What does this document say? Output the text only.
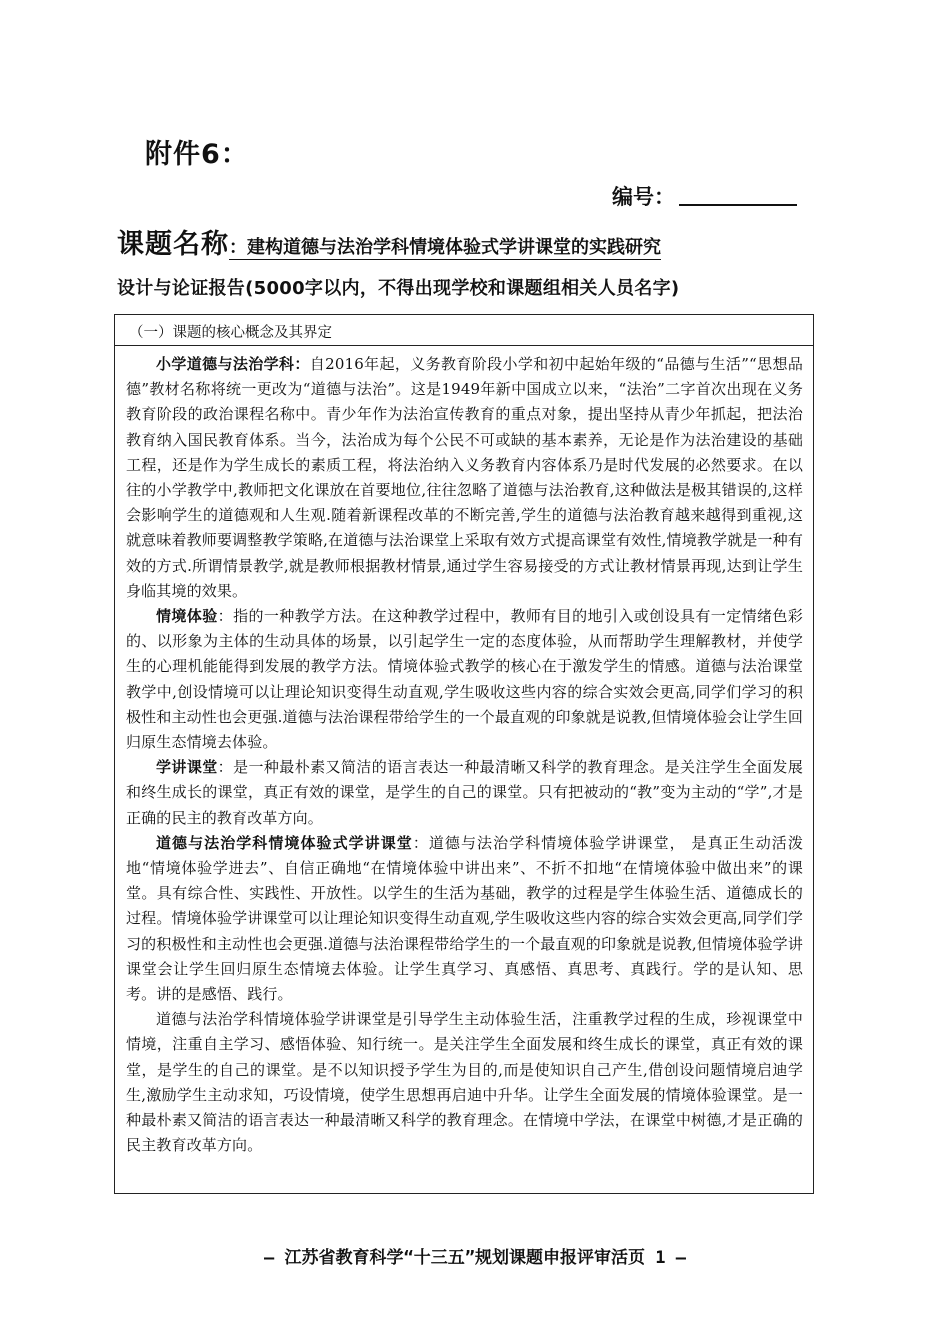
附件6：
编号：
课题名称：建构道德与法治学科情境体验式学讲课堂的实践研究
设计与论证报告(5000字以内，不得出现学校和课题组相关人员名字)
（一）课题的核心概念及其界定

小学道德与法治学科：自2016年起，义务教育阶段小学和初中起始年级的“品德与生活”“思想品德”教材名称将统一更改为“道德与法治”。这是1949年新中国成立以来，“法治”二字首次出现在义务教育阶段的政治课程名称中。青少年作为法治宣传教育的重点对象，提出坚持从青少年抓起，把法治教育纳入国民教育体系。当今，法治成为每个公民不可或缺的基本素养，无论是作为法治建设的基础工程，还是作为学生成长的素质工程，将法治纳入义务教育内容体系乃是时代发展的必然要求。在以往的小学教学中,教师把文化课放在首要地位,往往忽略了道德与法治教育,这种做法是极其错误的,这样会影响学生的道德观和人生观.随着新课程改革的不断完善,学生的道德与法治教育越来越得到重视,这就意味着教师要调整教学策略,在道德与法治课堂上采取有效方式提高课堂有效性,情境教学就是一种有效的方式.所谓情景教学,就是教师根据教材情景,通过学生容易接受的方式让教材情景再现,达到让学生身临其境的效果。

情境体验：指的一种教学方法。在这种教学过程中，教师有目的地引入或创设具有一定情绪色彩的、以形象为主体的生动具体的场景，以引起学生一定的态度体验，从而帮助学生理解教材，并使学生的心理机能能得到发展的教学方法。情境体验式教学的核心在于激发学生的情感。道德与法治课堂教学中,创设情境可以让理论知识变得生动直观,学生吸收这些内容的综合实效会更高,同学们学习的积极性和主动性也会更强.道德与法治课程带给学生的一个最直观的印象就是说教,但情境体验会让学生回归原生态情境去体验。

学讲课堂：是一种最朴素又简洁的语言表达一种最清晰又科学的教育理念。是关注学生全面发展和终生成长的课堂，真正有效的课堂，是学生的自己的课堂。只有把被动的“教”变为主动的“学”,才是正确的民主的教育改革方向。

道德与法治学科情境体验式学讲课堂：道德与法治学科情境体验学讲课堂， 是真正生动活泼地“情境体验学进去”、自信正确地“在情境体验中讲出来”、不折不扣地“在情境体验中做出来”的课堂。具有综合性、实践性、开放性。以学生的生活为基础，教学的过程是学生体验生活、道德成长的过程。情境体验学讲课堂可以让理论知识变得生动直观,学生吸收这些内容的综合实效会更高,同学们学习的积极性和主动性也会更强.道德与法治课程带给学生的一个最直观的印象就是说教,但情境体验学讲课堂会让学生回归原生态情境去体验。让学生真学习、真感悟、真思考、真践行。学的是认知、思考。讲的是感悟、践行。

道德与法治学科情境体验学讲课堂是引导学生主动体验生活，注重教学过程的生成，珍视课堂中情境，注重自主学习、感悟体验、知行统一。是关注学生全面发展和终生成长的课堂，真正有效的课堂，是学生的自己的课堂。是不以知识授予学生为目的,而是使知识自己产生,借创设问题情境启迪学生,激励学生主动求知，巧设情境，使学生思想再启迪中升华。让学生全面发展的情境体验课堂。是一种最朴素又简洁的语言表达一种最清晰又科学的教育理念。在情境中学法，在课堂中树德,才是正确的民主教育改革方向。

– 江苏省教育科学“十三五”规划课题申报评审活页 1 –
